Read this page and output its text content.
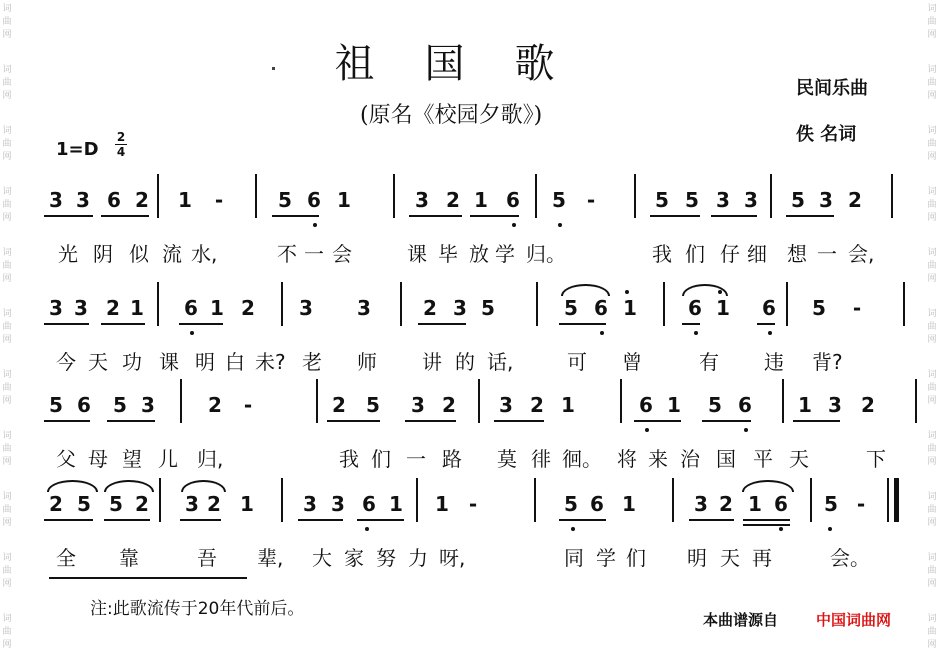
词
曲
网
词
曲
网
词
曲
网
词
曲
网
词
曲
网
词
曲
网
词
曲
网
词
曲
网
词
曲
网
词
曲
网
词
曲
网
词
曲
网
词
曲
网
词
曲
网
词
曲
网
词
曲
网
词
曲
网
词
曲
网
词
曲
网
词
曲
网
词
曲
网
词
曲
网
祖国歌
(原名《校园夕歌》)
民间乐曲
佚 名词
1=D
2
4
3 3 6 2 1 -	5 6 1	3 2 1 6 5 -	5 5 3 3 5 3 2
光 阴 似 流 水,	不 一 会	课 毕 放 学 归。	我 们 仔 细 想 一 会,
3 3 2 1 6 1 2 3 3	2 3 5	5 6 1	6 1 6 5 -
今 天 功 课 明 白 未? 老 师 讲 的 话,	可 曾	有 违 背?
5 6 5 3	2 -	2 5 3 2 3 2 1	6 1 5 6 1 3 2
父 母 望 儿 归,	我 们 一 路 莫 徘 徊。 将 来 治 国 平 天	下
2 5 5 2 3 2 1 3 3 6 1 1 -	5 6 1	3 2 1 6 5 -
全 靠	吾 辈, 大 家 努 力 呀,	同 学 们 明 天 再	会。
注:此歌流传于20年代前后。
本曲谱源自	中国词曲网
